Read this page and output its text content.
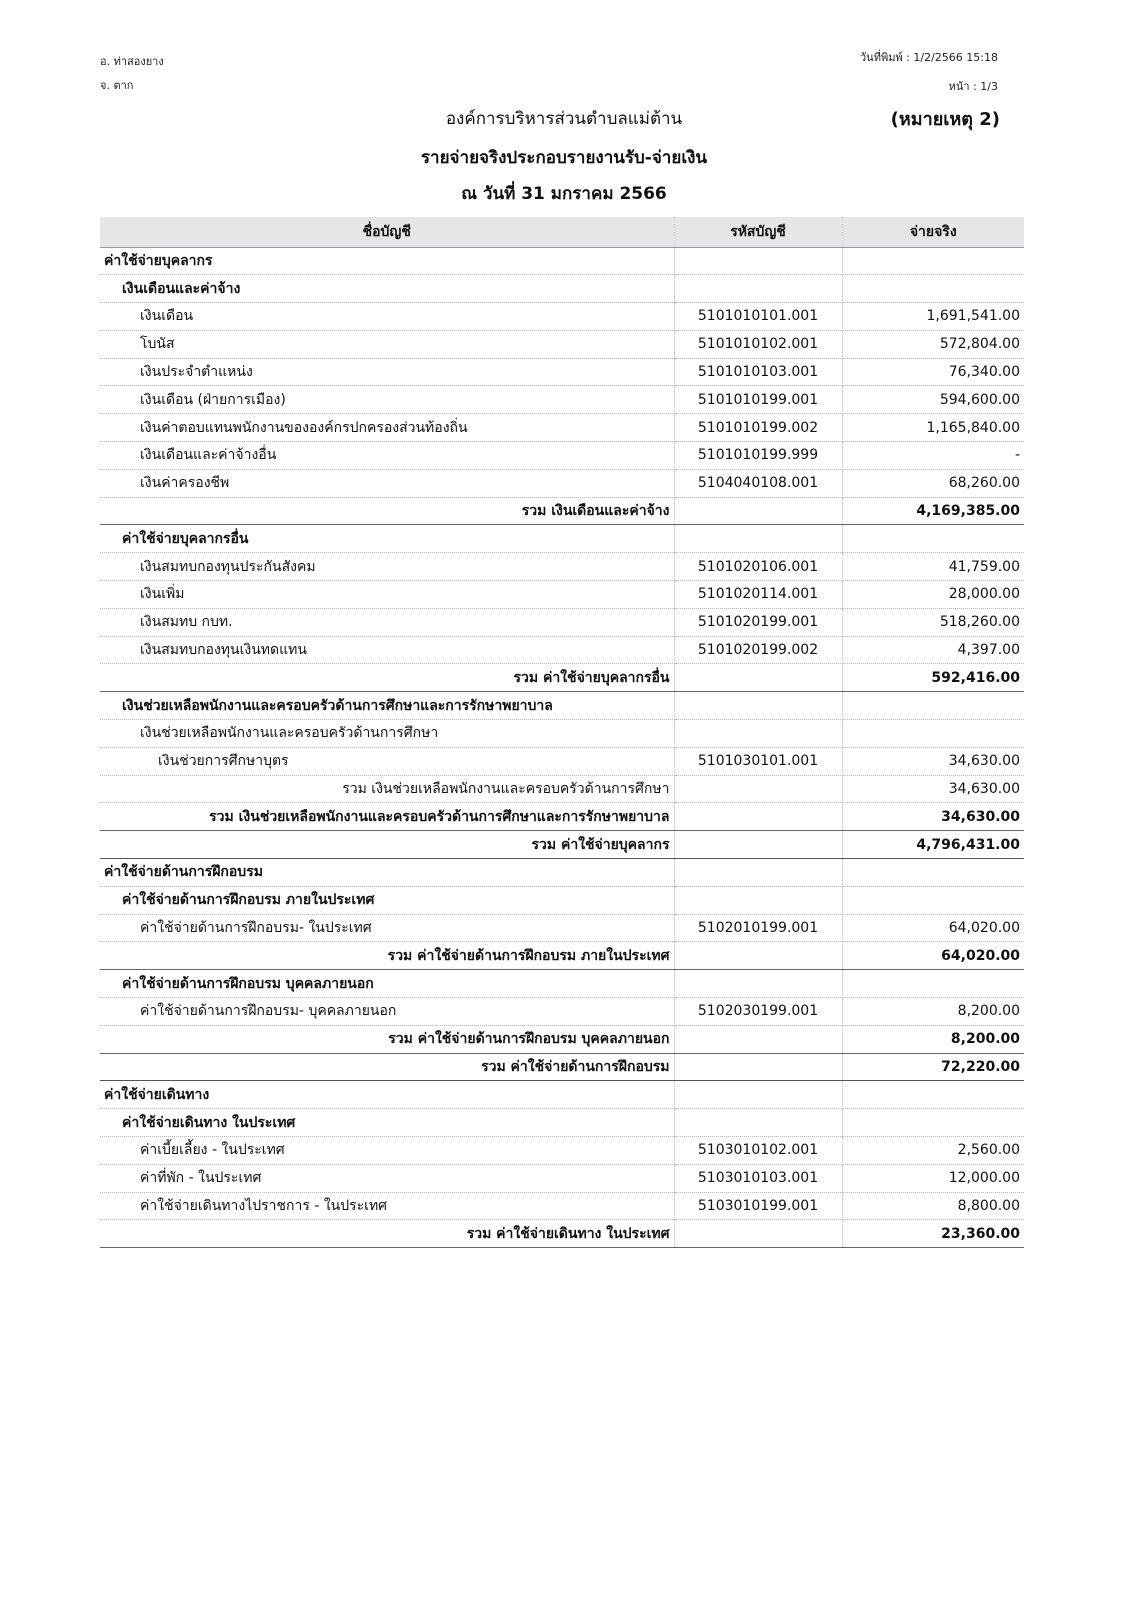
อ. ท่าสองยาง
จ. ตาก
วันที่พิมพ์ : 1/2/2566 15:18
หน้า : 1/3
องค์การบริหารส่วนตำบลแม่ต้าน	(หมายเหตุ 2)
รายจ่ายจริงประกอบรายงานรับ-จ่ายเงิน
ณ วันที่ 31 มกราคม 2566
ชื่อบัญชี	รหัสบัญชี	จ่ายจริง
ค่าใช้จ่ายบุคลากร		
เงินเดือนและค่าจ้าง		
เงินเดือน	5101010101.001	1,691,541.00
โบนัส	5101010102.001	572,804.00
เงินประจำตำแหน่ง	5101010103.001	76,340.00
เงินเดือน (ฝ่ายการเมือง)	5101010199.001	594,600.00
เงินค่าตอบแทนพนักงานขององค์กรปกครองส่วนท้องถิ่น	5101010199.002	1,165,840.00
เงินเดือนและค่าจ้างอื่น	5101010199.999	-
เงินค่าครองชีพ	5104040108.001	68,260.00
รวม เงินเดือนและค่าจ้าง		4,169,385.00
ค่าใช้จ่ายบุคลากรอื่น		
เงินสมทบกองทุนประกันสังคม	5101020106.001	41,759.00
เงินเพิ่ม	5101020114.001	28,000.00
เงินสมทบ กบท.	5101020199.001	518,260.00
เงินสมทบกองทุนเงินทดแทน	5101020199.002	4,397.00
รวม ค่าใช้จ่ายบุคลากรอื่น		592,416.00
เงินช่วยเหลือพนักงานและครอบครัวด้านการศึกษาและการรักษาพยาบาล		
เงินช่วยเหลือพนักงานและครอบครัวด้านการศึกษา		
เงินช่วยการศึกษาบุตร	5101030101.001	34,630.00
รวม เงินช่วยเหลือพนักงานและครอบครัวด้านการศึกษา		34,630.00
รวม เงินช่วยเหลือพนักงานและครอบครัวด้านการศึกษาและการรักษาพยาบาล		34,630.00
รวม ค่าใช้จ่ายบุคลากร		4,796,431.00
ค่าใช้จ่ายด้านการฝึกอบรม		
ค่าใช้จ่ายด้านการฝึกอบรม ภายในประเทศ		
ค่าใช้จ่ายด้านการฝึกอบรม- ในประเทศ	5102010199.001	64,020.00
รวม ค่าใช้จ่ายด้านการฝึกอบรม ภายในประเทศ		64,020.00
ค่าใช้จ่ายด้านการฝึกอบรม บุคคลภายนอก		
ค่าใช้จ่ายด้านการฝึกอบรม- บุคคลภายนอก	5102030199.001	8,200.00
รวม ค่าใช้จ่ายด้านการฝึกอบรม บุคคลภายนอก		8,200.00
รวม ค่าใช้จ่ายด้านการฝึกอบรม		72,220.00
ค่าใช้จ่ายเดินทาง		
ค่าใช้จ่ายเดินทาง ในประเทศ		
ค่าเบี้ยเลี้ยง - ในประเทศ	5103010102.001	2,560.00
ค่าที่พัก - ในประเทศ	5103010103.001	12,000.00
ค่าใช้จ่ายเดินทางไปราชการ - ในประเทศ	5103010199.001	8,800.00
รวม ค่าใช้จ่ายเดินทาง ในประเทศ		23,360.00
